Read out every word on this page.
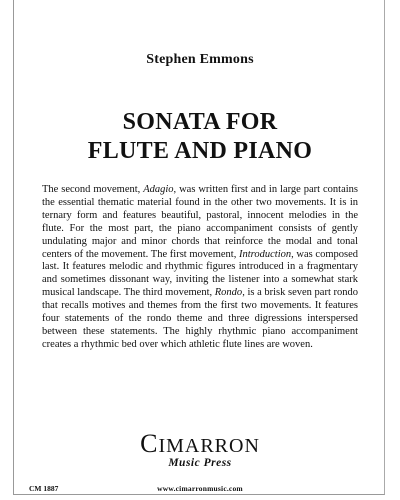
Stephen Emmons
SONATA FOR
FLUTE AND PIANO
The second movement, Adagio, was written first and in large part contains the essential thematic material found in the other two movements. It is in ternary form and features beautiful, pastoral, innocent melodies in the flute. For the most part, the piano accompaniment consists of gently undulating major and minor chords that reinforce the modal and tonal centers of the movement. The first movement, Introduction, was composed last. It features melodic and rhythmic figures introduced in a fragmentary and sometimes dissonant way, inviting the listener into a somewhat stark musical landscape. The third movement, Rondo, is a brisk seven part rondo that recalls motives and themes from the first two movements. It features four statements of the rondo theme and three digressions interspersed between these statements. The highly rhythmic piano accompaniment creates a rhythmic bed over which athletic flute lines are woven.
CIMARRON
Music Press
CM 1887	www.cimarronmusic.com
